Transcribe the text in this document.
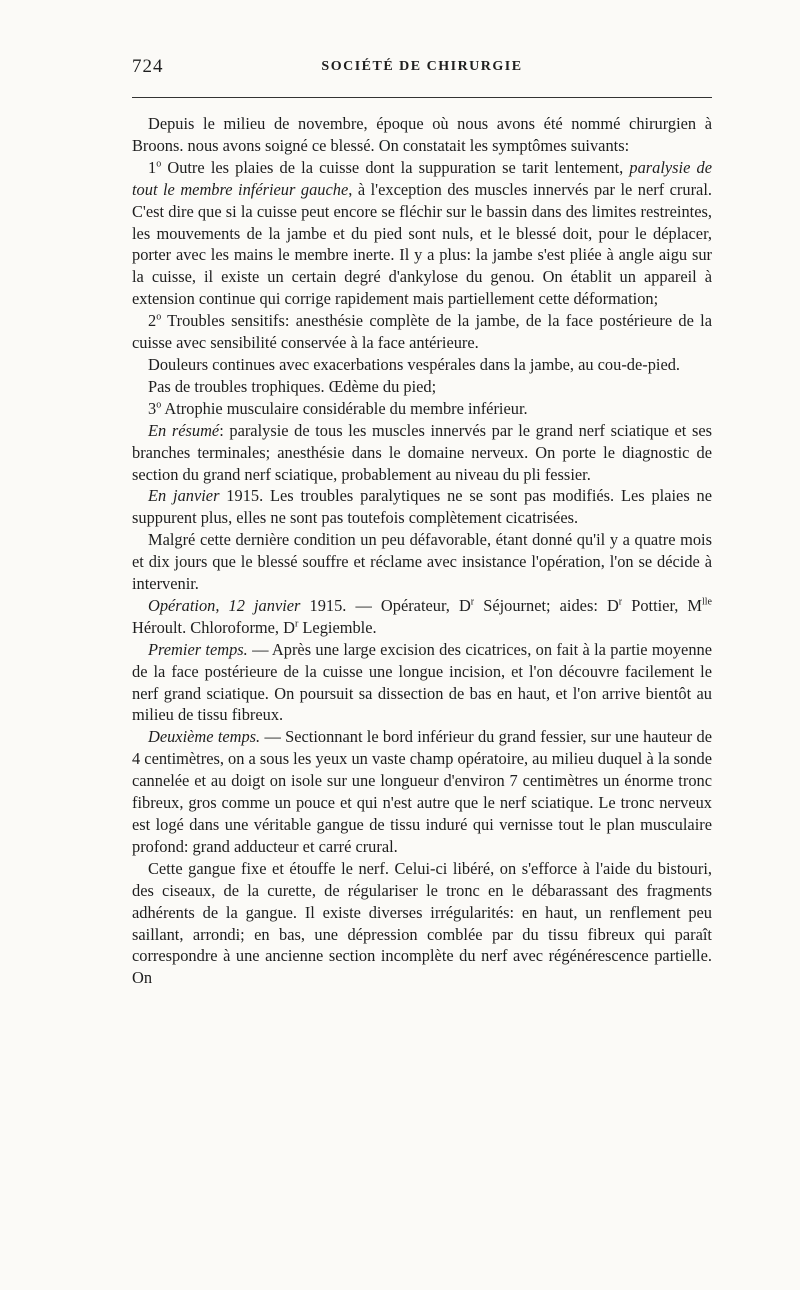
724	SOCIÉTÉ DE CHIRURGIE

Depuis le milieu de novembre, époque où nous avons été nommé chirurgien à Broons. nous avons soigné ce blessé. On constatait les symptômes suivants:

1$^o$ Outre les plaies de la cuisse dont la suppuration se tarit lentement, paralysie de tout le membre inférieur gauche, à l'exception des muscles innervés par le nerf crural. C'est dire que si la cuisse peut encore se fléchir sur le bassin dans des limites restreintes, les mouvements de la jambe et du pied sont nuls, et le blessé doit, pour le déplacer, porter avec les mains le membre inerte. Il y a plus: la jambe s'est pliée à angle aigu sur la cuisse, il existe un certain degré d'ankylose du genou. On établit un appareil à extension continue qui corrige rapidement mais partiellement cette déformation;

2$^o$ Troubles sensitifs: anesthésie complète de la jambe, de la face postérieure de la cuisse avec sensibilité conservée à la face antérieure.

Douleurs continues avec exacerbations vespérales dans la jambe, au cou-de-pied.

Pas de troubles trophiques. Œdème du pied;

3$^o$ Atrophie musculaire considérable du membre inférieur.

En résumé: paralysie de tous les muscles innervés par le grand nerf sciatique et ses branches terminales; anesthésie dans le domaine nerveux. On porte le diagnostic de section du grand nerf sciatique, probablement au niveau du pli fessier.

En janvier 1915. Les troubles paralytiques ne se sont pas modifiés. Les plaies ne suppurent plus, elles ne sont pas toutefois complètement cicatrisées.

Malgré cette dernière condition un peu défavorable, étant donné qu'il y a quatre mois et dix jours que le blessé souffre et réclame avec insistance l'opération, l'on se décide à intervenir.

Opération, 12 janvier 1915. — Opérateur, $D^r$ Séjournet; aides: $D^r$ Pottier, $M^{lle}$ Héroult. Chloroforme, $D^r$ Legiemble.

Premier temps. — Après une large excision des cicatrices, on fait à la partie moyenne de la face postérieure de la cuisse une longue incision, et l'on découvre facilement le nerf grand sciatique. On poursuit sa dissection de bas en haut, et l'on arrive bientôt au milieu de tissu fibreux.

Deuxième temps. — Sectionnant le bord inférieur du grand fessier, sur une hauteur de 4 centimètres, on a sous les yeux un vaste champ opératoire, au milieu duquel à la sonde cannelée et au doigt on isole sur une longueur d'environ 7 centimètres un énorme tronc fibreux, gros comme un pouce et qui n'est autre que le nerf sciatique. Le tronc nerveux est logé dans une véritable gangue de tissu induré qui vernisse tout le plan musculaire profond: grand adducteur et carré crural.

Cette gangue fixe et étouffe le nerf. Celui-ci libéré, on s'efforce à l'aide du bistouri, des ciseaux, de la curette, de régulariser le tronc en le débarassant des fragments adhérents de la gangue. Il existe diverses irrégularités: en haut, un renflement peu saillant, arrondi; en bas, une dépression comblée par du tissu fibreux qui paraît correspondre à une ancienne section incomplète du nerf avec régénérescence partielle. On
